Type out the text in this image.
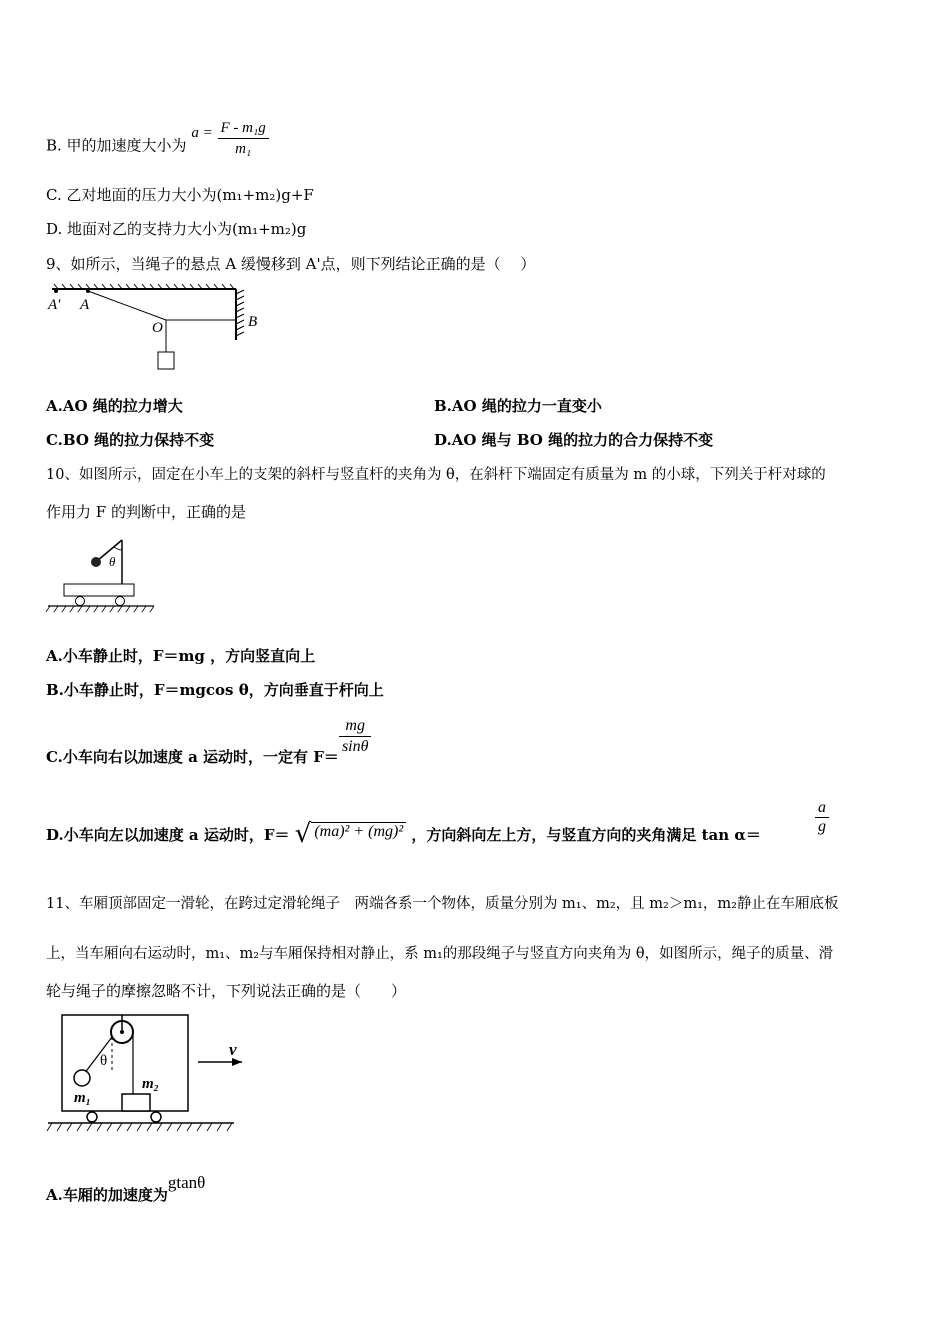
B. 甲的加速度大小为 $a = \frac{\text{F - m₁g}}{\text{m₁}}$
C. 乙对地面的压力大小为(m₁+m₂)g+F
D. 地面对乙的支持力大小为(m₁+m₂)g
9、如所示，当绳子的悬点 A 缓慢移到 A'点，则下列结论正确的是（　 ）
A' A
O	B
A.AO 绳的拉力增大	B.AO 绳的拉力一直变小
C.BO 绳的拉力保持不变	D.AO 绳与 BO 绳的拉力的合力保持不变
10、如图所示，固定在小车上的支架的斜杆与竖直杆的夹角为 θ，在斜杆下端固定有质量为 m 的小球，下列关于杆对球的
作用力 F 的判断中，正确的是
θ
A.小车静止时，F＝mg ，方向竖直向上
B.小车静止时，F＝mgcos θ，方向垂直于杆向上
C.小车向右以加速度 a 运动时，一定有 $F= \frac{mg}{\sin\theta}$
D.小车向左以加速度 a 运动时，F＝ √ (ma)² + (mg)² ，方向斜向左上方，与竖直方向的夹角满足 tan α＝	$\frac{a}{g}$
11、车厢顶部固定一滑轮，在跨过定滑轮绳子　两端各系一个物体，质量分别为 m₁、m₂，且 m₂＞m₁，m₂静止在车厢底板
上，当车厢向右运动时，m₁、m₂与车厢保持相对静止，系 m₁的那段绳子与竖直方向夹角为 θ，如图所示，绳子的质量、滑
轮与绳子的摩擦忽略不计，下列说法正确的是（　　）
θ
m₁
m₂
v
A.车厢的加速度为gtanθ
